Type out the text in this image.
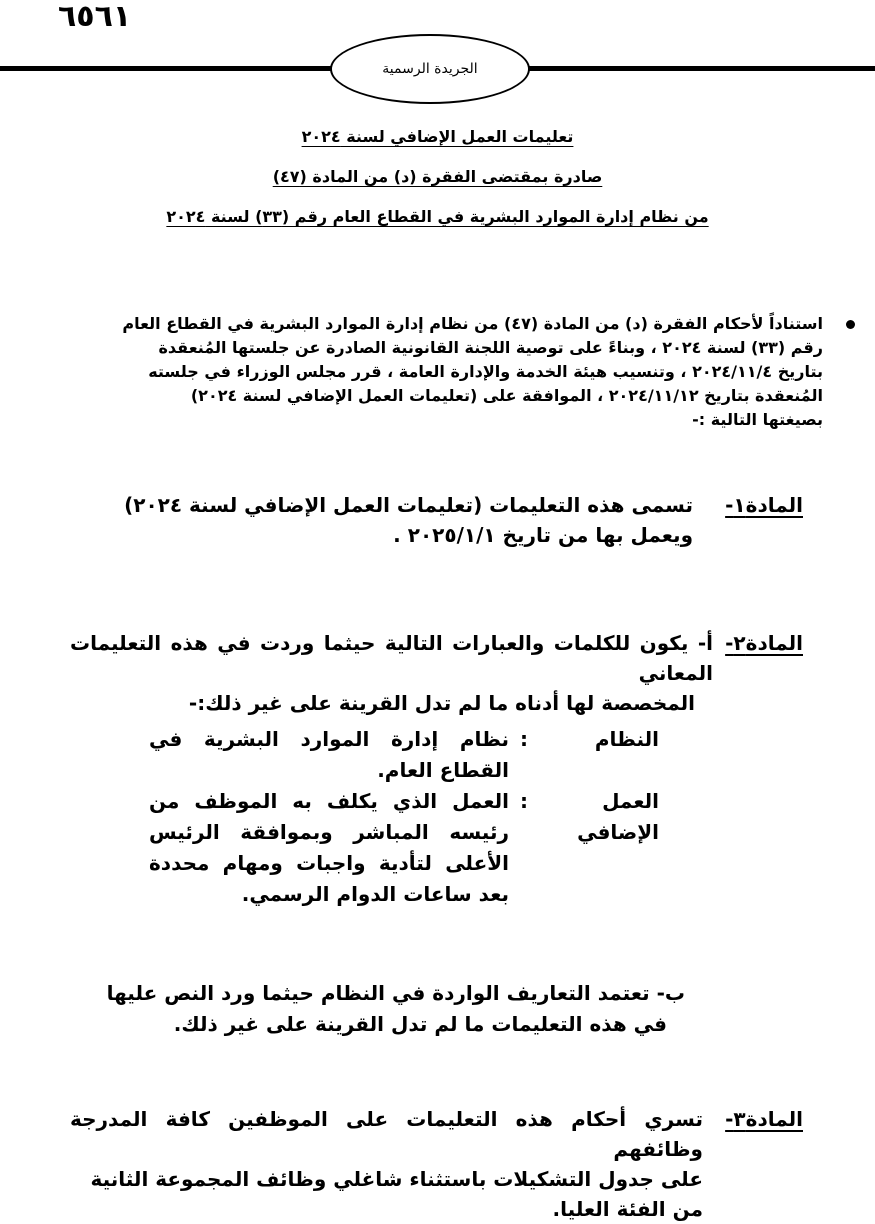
٦٥٦١
الجريدة الرسمية
تعليمات العمل الإضافي لسنة ٢٠٢٤
صادرة بمقتضى الفقرة (د) من المادة (٤٧)
من نظام إدارة الموارد البشرية في القطاع العام رقم (٣٣) لسنة ٢٠٢٤

استناداً لأحكام الفقرة (د) من المادة (٤٧) من نظام إدارة الموارد البشرية في القطاع العام

رقم (٣٣) لسنة ٢٠٢٤ ، وبناءً على توصية اللجنة القانونية الصادرة عن جلستها المُنعقدة

بتاريخ ٢٠٢٤/١١/٤ ، وتنسيب هيئة الخدمة والإدارة العامة ، قرر مجلس الوزراء في جلسته

المُنعقدة بتاريخ ٢٠٢٤/١١/١٢ ، الموافقة على (تعليمات العمل الإضافي لسنة ٢٠٢٤)

بصيغتها التالية :-

المادة١-
تسمى هذه التعليمات (تعليمات العمل الإضافي لسنة ٢٠٢٤)
ويعمل بها من تاريخ ٢٠٢٥/١/١ .
المادة٢-
أ- يكون للكلمات والعبارات التالية حيثما وردت في هذه التعليمات المعاني
المخصصة لها أدناه ما لم تدل القرينة على غير ذلك:-
النظام
:
نظام إدارة الموارد البشرية في القطاع العام.
العمل الإضافي
:
العمل الذي يكلف به الموظف من رئيسه المباشر وبموافقة الرئيس الأعلى لتأدية واجبات ومهام محددة بعد ساعات الدوام الرسمي.
ب- تعتمد التعاريف الواردة في النظام حيثما ورد النص عليها
في هذه التعليمات ما لم تدل القرينة على غير ذلك.
المادة٣-
تسري أحكام هذه التعليمات على الموظفين كافة المدرجة وظائفهم
على جدول التشكيلات باستثناء شاغلي وظائف المجموعة الثانية
من الفئة العليا.
